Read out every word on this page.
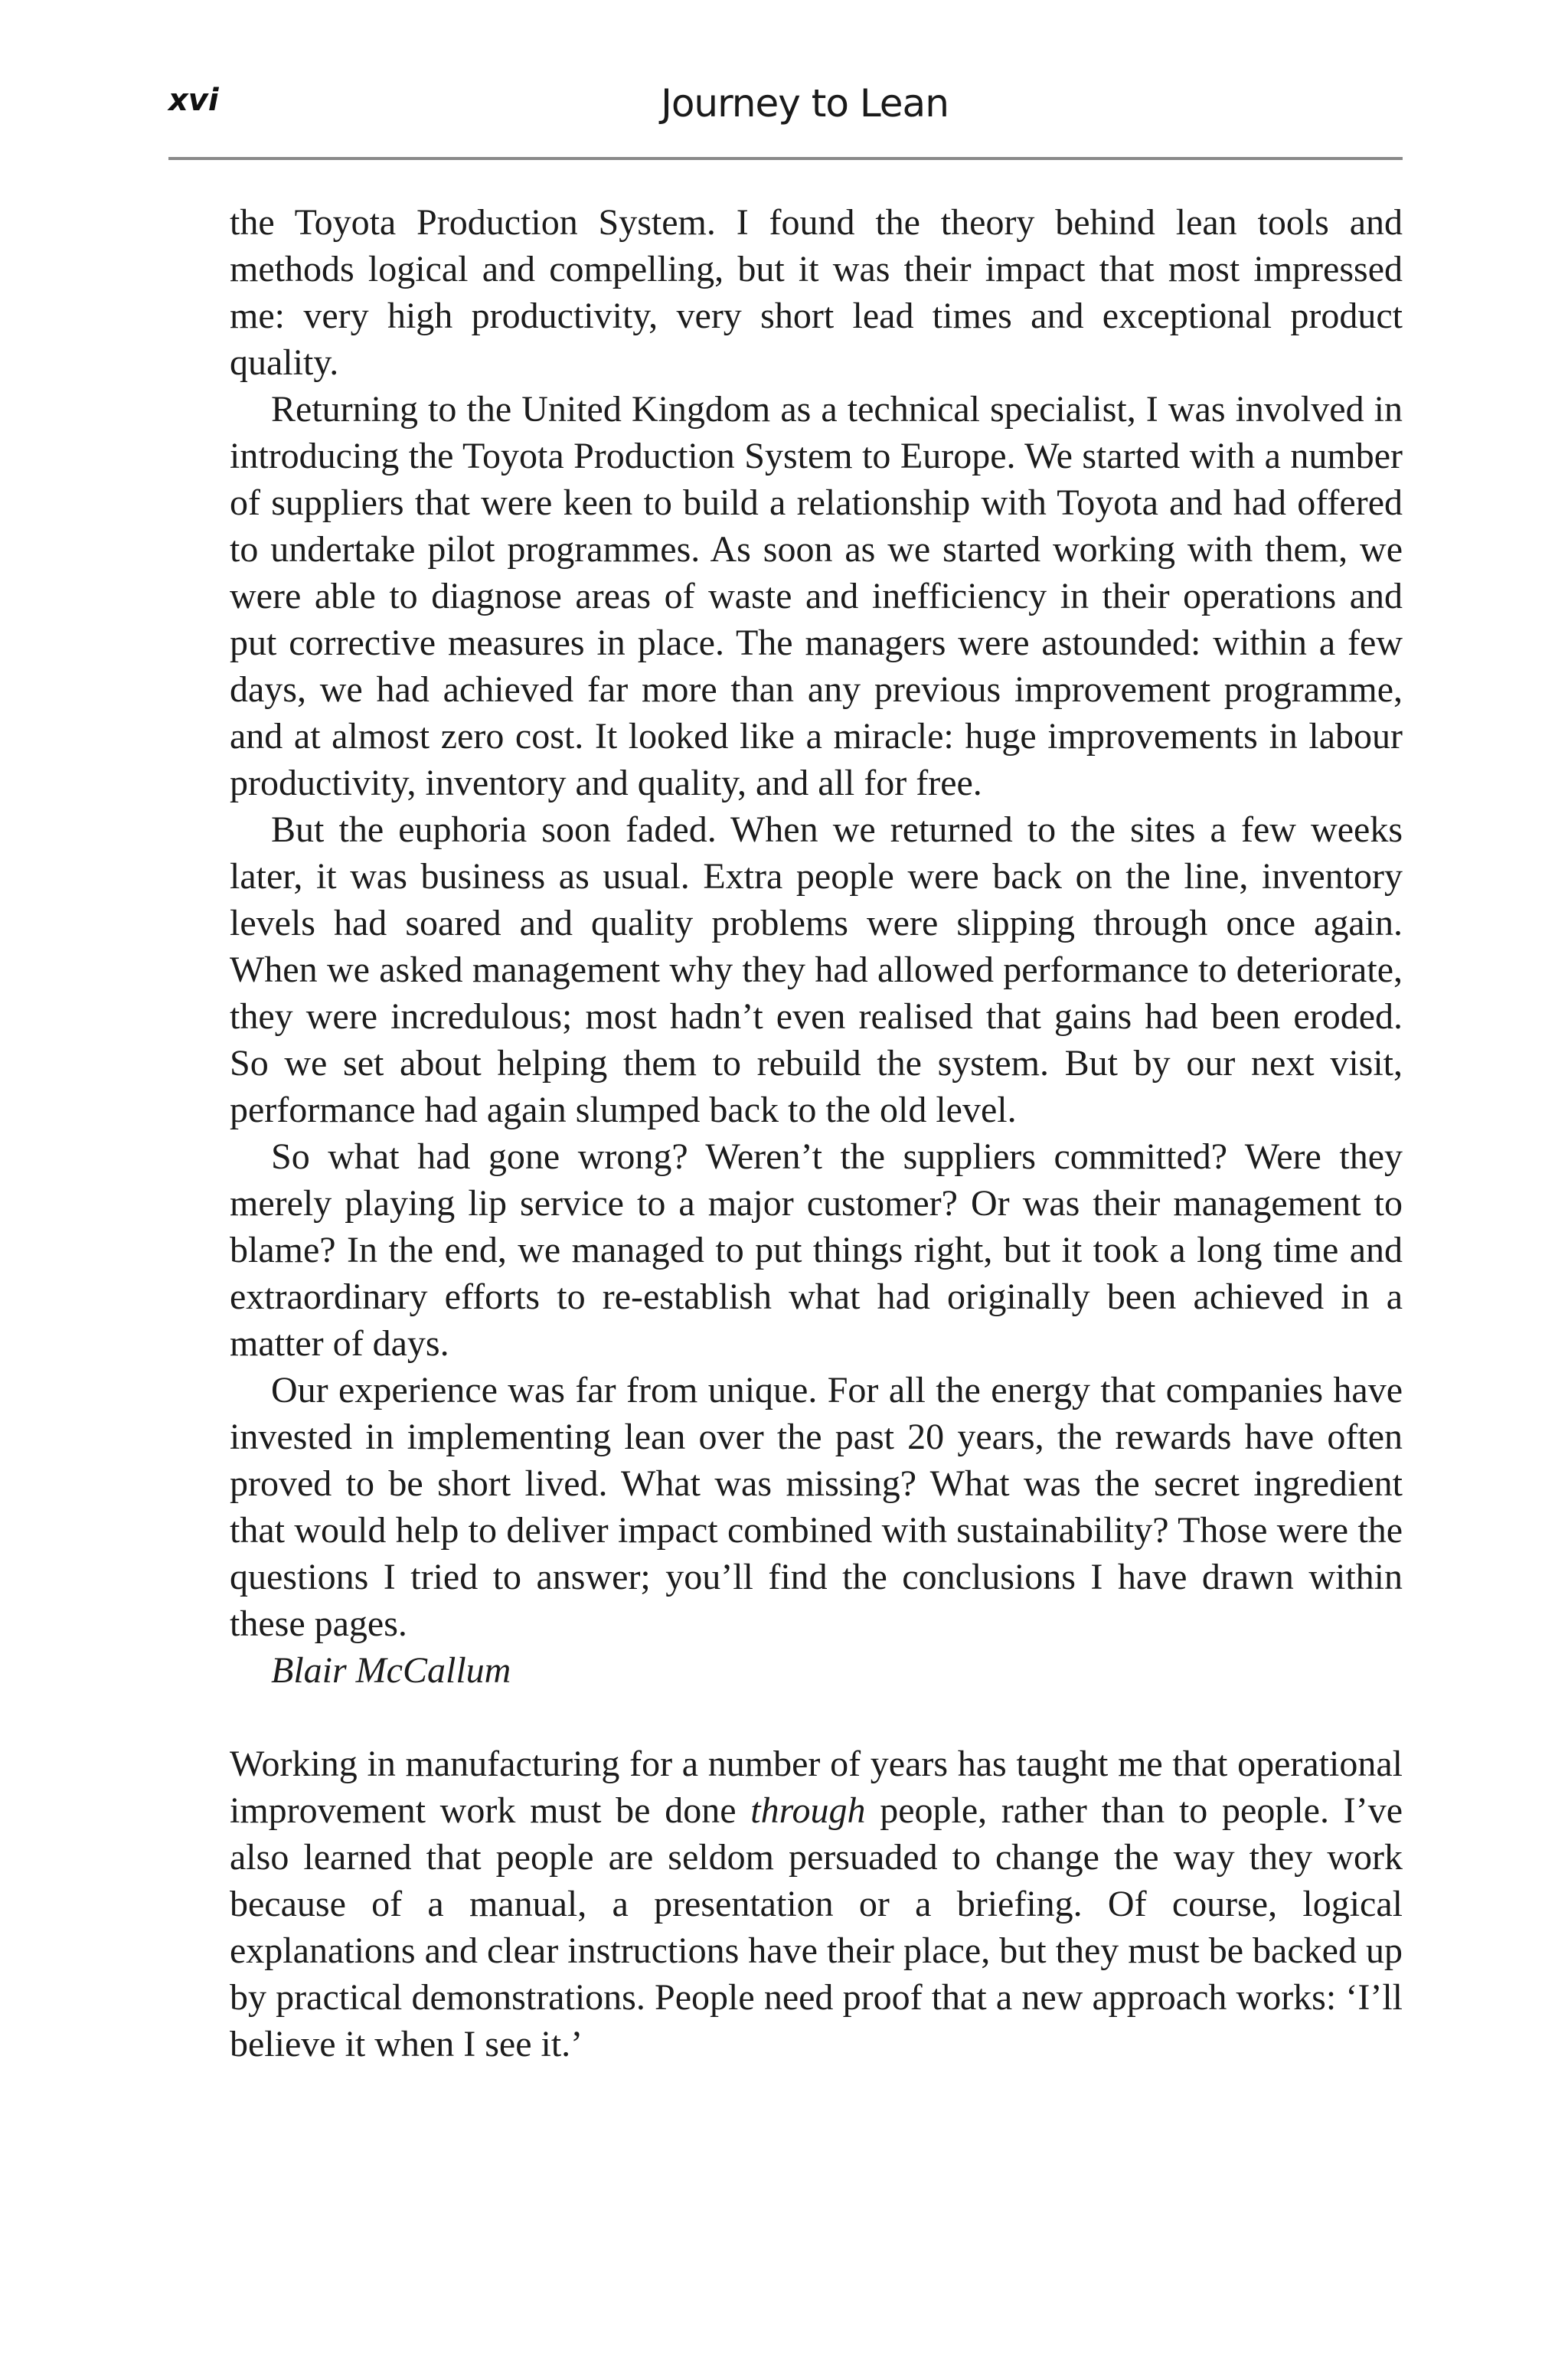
xvi	Journey to Lean

the Toyota Production System. I found the theory behind lean tools and methods logical and compelling, but it was their impact that most impressed me: very high productivity, very short lead times and exceptional product quality.

Returning to the United Kingdom as a technical specialist, I was involved in introducing the Toyota Production System to Europe. We started with a number of suppliers that were keen to build a relationship with Toyota and had offered to undertake pilot programmes. As soon as we started working with them, we were able to diagnose areas of waste and inefficiency in their operations and put corrective measures in place. The managers were astounded: within a few days, we had achieved far more than any previous improvement programme, and at almost zero cost. It looked like a miracle: huge improvements in labour productivity, inventory and quality, and all for free.

But the euphoria soon faded. When we returned to the sites a few weeks later, it was business as usual. Extra people were back on the line, inventory levels had soared and quality problems were slipping through once again. When we asked management why they had allowed performance to deteriorate, they were incredulous; most hadn’t even realised that gains had been eroded. So we set about helping them to rebuild the system. But by our next visit, performance had again slumped back to the old level.

So what had gone wrong? Weren’t the suppliers committed? Were they merely playing lip service to a major customer? Or was their management to blame? In the end, we managed to put things right, but it took a long time and extraordinary efforts to re-establish what had originally been achieved in a matter of days.

Our experience was far from unique. For all the energy that companies have invested in implementing lean over the past 20 years, the rewards have often proved to be short lived. What was missing? What was the secret ingredient that would help to deliver impact combined with sustainability? Those were the questions I tried to answer; you’ll find the conclusions I have drawn within these pages.

Blair McCallum

Working in manufacturing for a number of years has taught me that operational improvement work must be done through people, rather than to people. I’ve also learned that people are seldom persuaded to change the way they work because of a manual, a presentation or a briefing. Of course, logical explanations and clear instructions have their place, but they must be backed up by practical demonstrations. People need proof that a new approach works: ‘I’ll believe it when I see it.’
